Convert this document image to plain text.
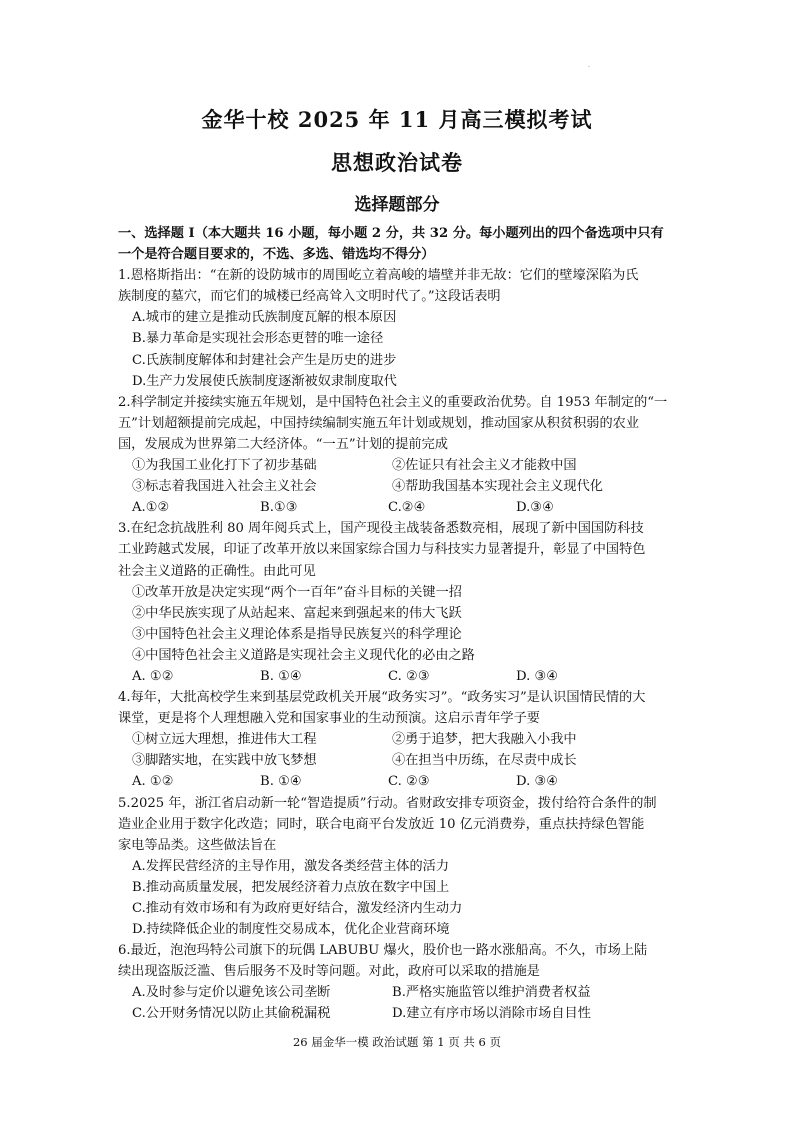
·
金华十校 2025 年 11 月高三模拟考试
思想政治试卷
选择题部分
一、选择题 I（本大题共 16 小题，每小题 2 分，共 32 分。每小题列出的四个备选项中只有
一个是符合题目要求的，不选、多选、错选均不得分）
1.恩格斯指出：“在新的设防城市的周围屹立着高峻的墙壁并非无故：它们的壁壕深陷为氏
族制度的墓穴，而它们的城楼已经高耸入文明时代了。”这段话表明
A.城市的建立是推动氏族制度瓦解的根本原因
B.暴力革命是实现社会形态更替的唯一途径
C.氏族制度解体和封建社会产生是历史的进步
D.生产力发展使氏族制度逐渐被奴隶制度取代
2.科学制定并接续实施五年规划，是中国特色社会主义的重要政治优势。自 1953 年制定的“一
五”计划超额提前完成起，中国持续编制实施五年计划或规划，推动国家从积贫积弱的农业
国，发展成为世界第二大经济体。“一五”计划的提前完成
①为我国工业化打下了初步基础	②佐证只有社会主义才能救中国
③标志着我国进入社会主义社会	④帮助我国基本实现社会主义现代化
A.①②	B.①③	C.②④	D.③④
3.在纪念抗战胜利 80 周年阅兵式上，国产现役主战装备悉数亮相，展现了新中国国防科技
工业跨越式发展，印证了改革开放以来国家综合国力与科技实力显著提升，彰显了中国特色
社会主义道路的正确性。由此可见
①改革开放是决定实现“两个一百年”奋斗目标的关键一招
②中华民族实现了从站起来、富起来到强起来的伟大飞跃
③中国特色社会主义理论体系是指导民族复兴的科学理论
④中国特色社会主义道路是实现社会主义现代化的必由之路
A. ①②	B. ①④	C. ②③	D. ③④
4.每年，大批高校学生来到基层党政机关开展“政务实习”。“政务实习”是认识国情民情的大
课堂，更是将个人理想融入党和国家事业的生动预演。这启示青年学子要
①树立远大理想，推进伟大工程	②勇于追梦，把大我融入小我中
③脚踏实地，在实践中放飞梦想	④在担当中历练，在尽责中成长
A. ①②	B. ①④	C. ②③	D. ③④
5.2025 年，浙江省启动新一轮“智造提质”行动。省财政安排专项资金，拨付给符合条件的制
造业企业用于数字化改造；同时，联合电商平台发放近 10 亿元消费券，重点扶持绿色智能
家电等品类。这些做法旨在
A.发挥民营经济的主导作用，激发各类经营主体的活力
B.推动高质量发展，把发展经济着力点放在数字中国上
C.推动有效市场和有为政府更好结合，激发经济内生动力
D.持续降低企业的制度性交易成本，优化企业营商环境
6.最近，泡泡玛特公司旗下的玩偶 LABUBU 爆火，股价也一路水涨船高。不久，市场上陆
续出现盗版泛滥、售后服务不及时等问题。对此，政府可以采取的措施是
A.及时参与定价以避免该公司垄断	B.严格实施监管以维护消费者权益
C.公开财务情况以防止其偷税漏税	D.建立有序市场以消除市场自目性
26 届金华一模 政治试题 第 1 页 共 6 页
